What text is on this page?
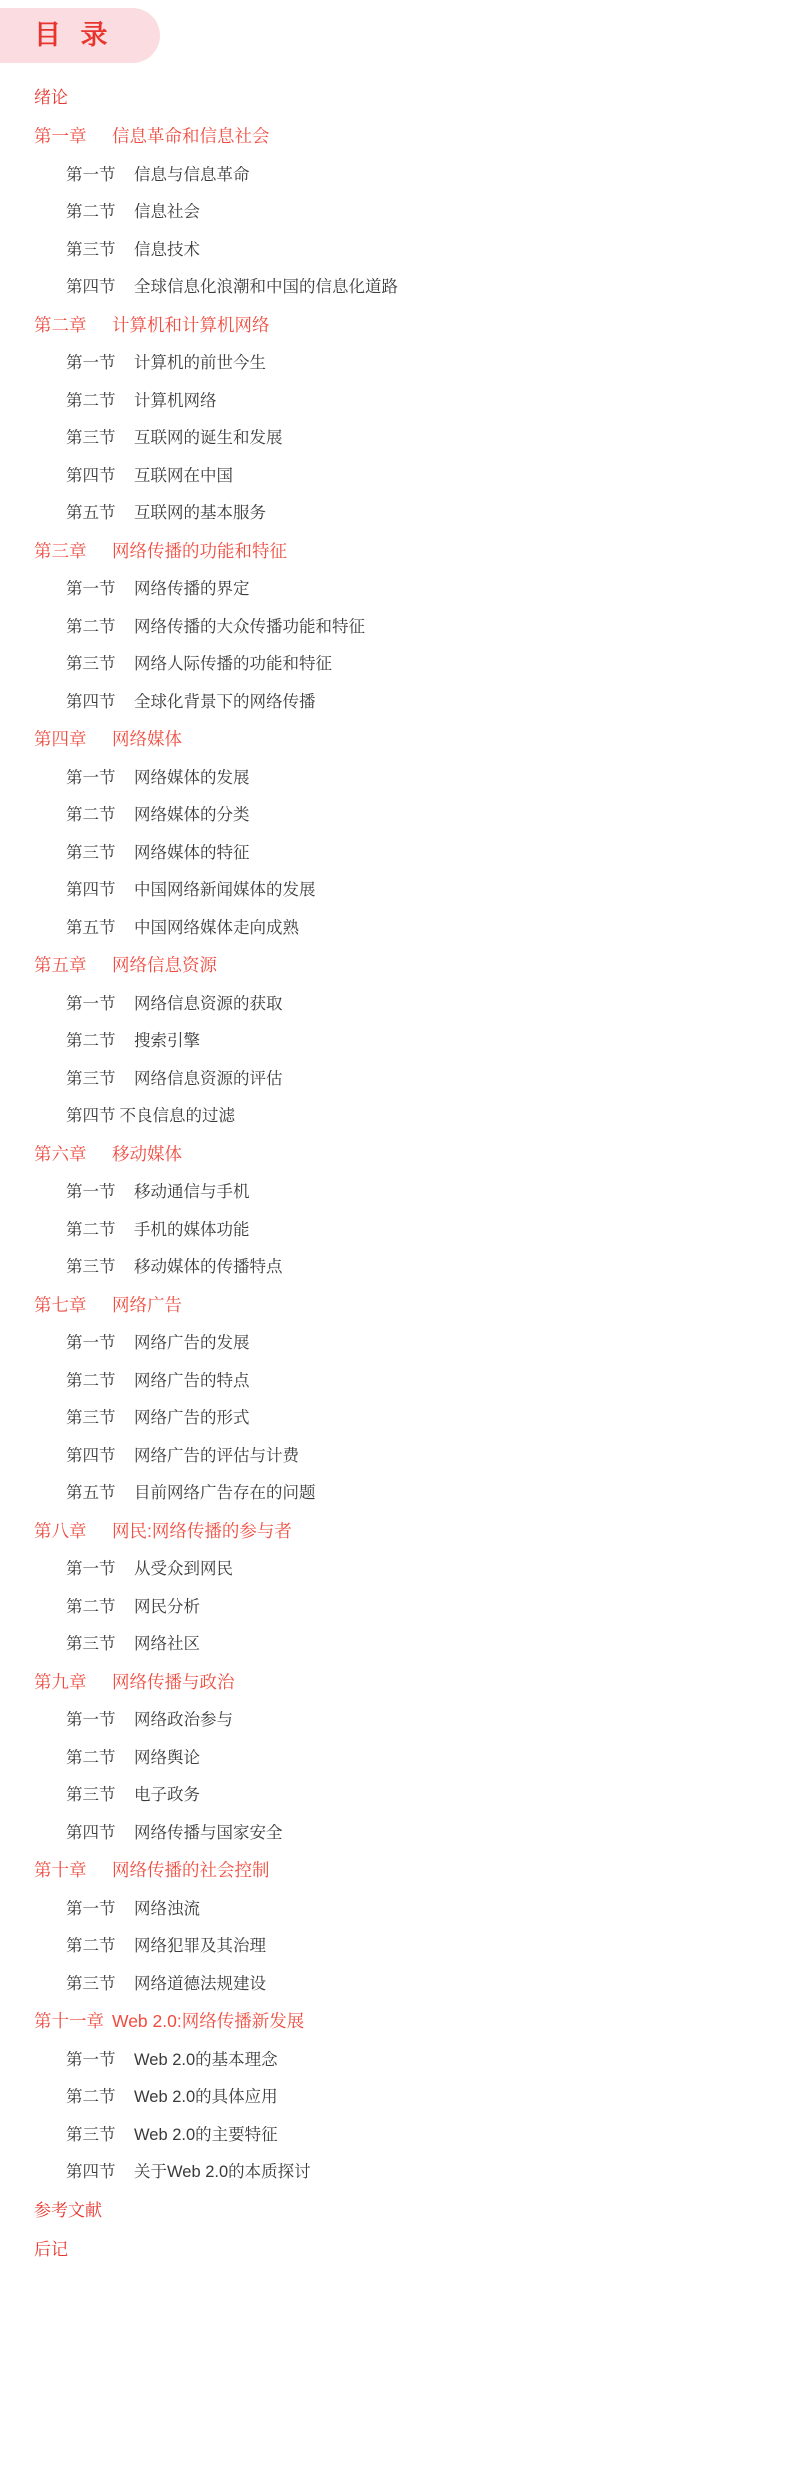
目 录
绪论
第一章 信息革命和信息社会
第一节 信息与信息革命
第二节 信息社会
第三节 信息技术
第四节 全球信息化浪潮和中国的信息化道路
第二章 计算机和计算机网络
第一节 计算机的前世今生
第二节 计算机网络
第三节 互联网的诞生和发展
第四节 互联网在中国
第五节 互联网的基本服务
第三章 网络传播的功能和特征
第一节 网络传播的界定
第二节 网络传播的大众传播功能和特征
第三节 网络人际传播的功能和特征
第四节 全球化背景下的网络传播
第四章 网络媒体
第一节 网络媒体的发展
第二节 网络媒体的分类
第三节 网络媒体的特征
第四节 中国网络新闻媒体的发展
第五节 中国网络媒体走向成熟
第五章 网络信息资源
第一节 网络信息资源的获取
第二节 搜索引擎
第三节 网络信息资源的评估
第四节 不良信息的过滤
第六章 移动媒体
第一节 移动通信与手机
第二节 手机的媒体功能
第三节 移动媒体的传播特点
第七章 网络广告
第一节 网络广告的发展
第二节 网络广告的特点
第三节 网络广告的形式
第四节 网络广告的评估与计费
第五节 目前网络广告存在的问题
第八章 网民:网络传播的参与者
第一节 从受众到网民
第二节 网民分析
第三节 网络社区
第九章 网络传播与政治
第一节 网络政治参与
第二节 网络舆论
第三节 电子政务
第四节 网络传播与国家安全
第十章 网络传播的社会控制
第一节 网络浊流
第二节 网络犯罪及其治理
第三节 网络道德法规建设
第十一章 Web 2.0:网络传播新发展
第一节 Web 2.0的基本理念
第二节 Web 2.0的具体应用
第三节 Web 2.0的主要特征
第四节 关于Web 2.0的本质探讨
参考文献
后记
